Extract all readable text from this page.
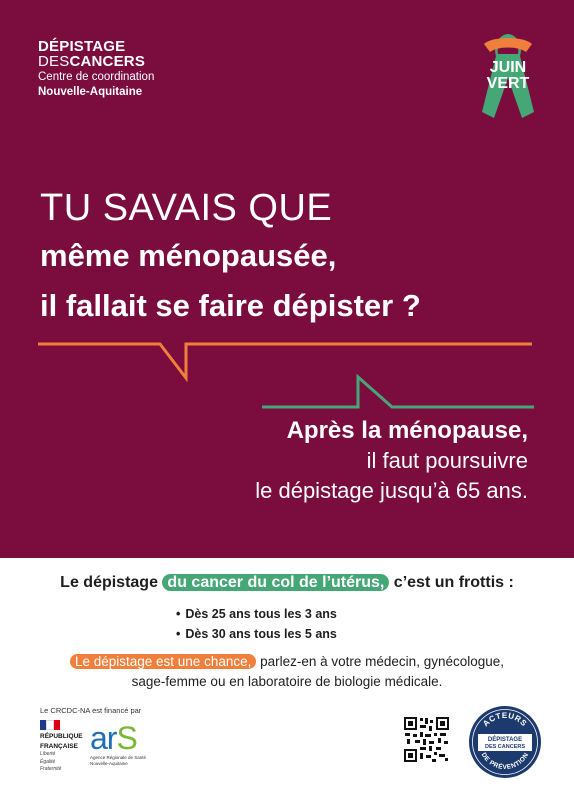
DÉPISTAGE
DESCANCERS
Centre de coordination
Nouvelle-Aquitaine
JUIN
VERT
TU SAVAIS QUE
même ménopausée,
il fallait se faire dépister ?
Après la ménopause,
il faut poursuivre
le dépistage jusqu’à 65 ans.
Le dépistage du cancer du col de l’utérus, c’est un frottis :
• Dès 25 ans tous les 3 ans
• Dès 30 ans tous les 5 ans
Le dépistage est une chance, parlez-en à votre médecin, gynécologue,
sage-femme ou en laboratoire de biologie médicale.
Le CRCDC-NA est financé par
RÉPUBLIQUE
FRANÇAISE
Liberté
Égalité
Fraternité
arS
Agence Régionale de Santé
Nouvelle-Aquitaine
ACTEURS
DÉPISTAGE
DES CANCERS
DE PRÉVENTION
